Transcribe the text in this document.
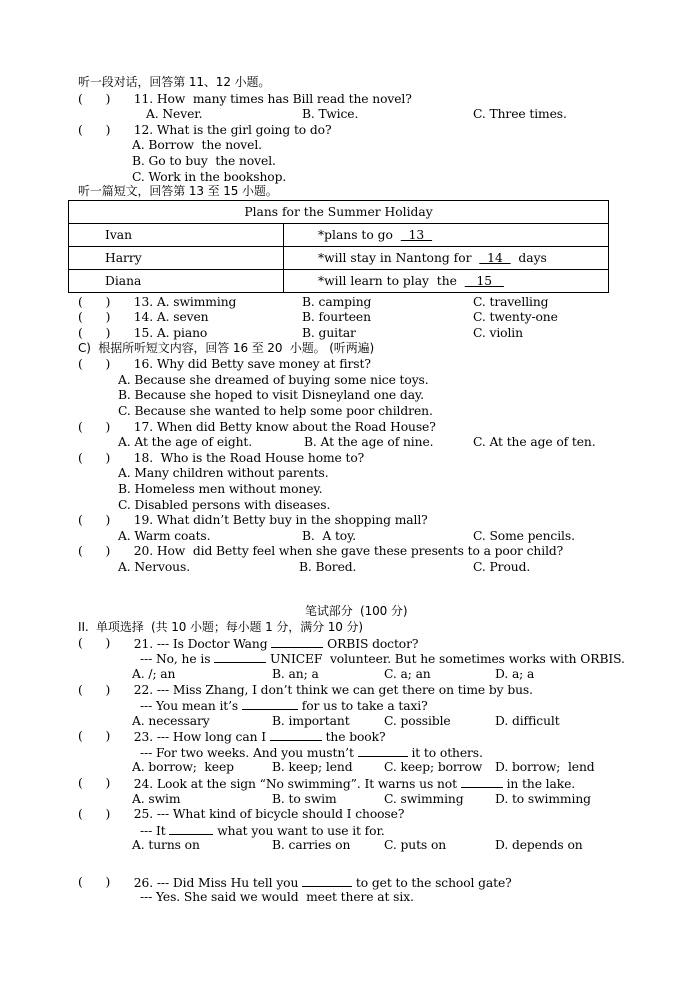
听一段对话，回答第 11、12 小题。
( ) 11. How  many times has Bill read the novel?
A. Never.	B. Twice.	C. Three times.
( ) 12. What is the girl going to do?
A. Borrow  the novel.
B. Go to buy  the novel.
C. Work in the bookshop.
听一篇短文，回答第 13 至 15 小题。
Plans for the Summer Holiday	
Ivan	*plans to go    13
Harry	*will stay in Nantong for    14    days
Diana	*will learn to play  the     15
( ) 13. A. swimming	B. camping	C. travelling
( ) 14. A. seven	B. fourteen	C. twenty-one
( ) 15. A. piano	B. guitar	C. violin
C)  根据所听短文内容，回答 16 至 20  小题。 (听两遍)
(      ) 16. Why did Betty save money at first?
A. Because she dreamed of buying some nice toys.
B. Because she hoped to visit Disneyland one day.
C. Because she wanted to help some poor children.
(      ) 17. When did Betty know about the Road House?
A. At the age of eight.	B. At the age of nine.	C. At the age of ten.
(      ) 18.  Who is the Road House home to?
A. Many children without parents.
B. Homeless men without money.
C. Disabled persons with diseases.
(      ) 19. What didn’t Betty buy in the shopping mall?
A. Warm coats.	B.  A toy.	C. Some pencils.
(      ) 20. How  did Betty feel when she gave these presents to a poor child?
A. Nervous.	B. Bored.	C. Proud.
笔试部分  (100 分)
II.  单项选择  (共 10 小题；每小题 1 分，满分 10 分)
(      ) 21. --- Is Doctor Wang	ORBIS doctor?
--- No, he is	UNICEF  volunteer. But he sometimes works with ORBIS.
A. /; an	B. an; a	C. a; an	D. a; a
(      ) 22. --- Miss Zhang, I don’t think we can get there on time by bus.
--- You mean it’s	for us to take a taxi?
A. necessary	B. important	C. possible	D. difficult
(      ) 23. --- How long can I	the book?
--- For two weeks. And you mustn’t	it to others.
A. borrow;  keep	B. keep; lend	C. keep; borrow D. borrow;  lend
(      ) 24. Look at the sign “No swimming”. It warns us not	in the lake.
A. swim	B. to swim	C. swimming	D. to swimming
(      ) 25. --- What kind of bicycle should I choose?
--- It	what you want to use it for.
A. turns on	B. carries on	C. puts on	D. depends on
(      ) 26. --- Did Miss Hu tell you	to get to the school gate?
--- Yes. She said we would  meet there at six.
